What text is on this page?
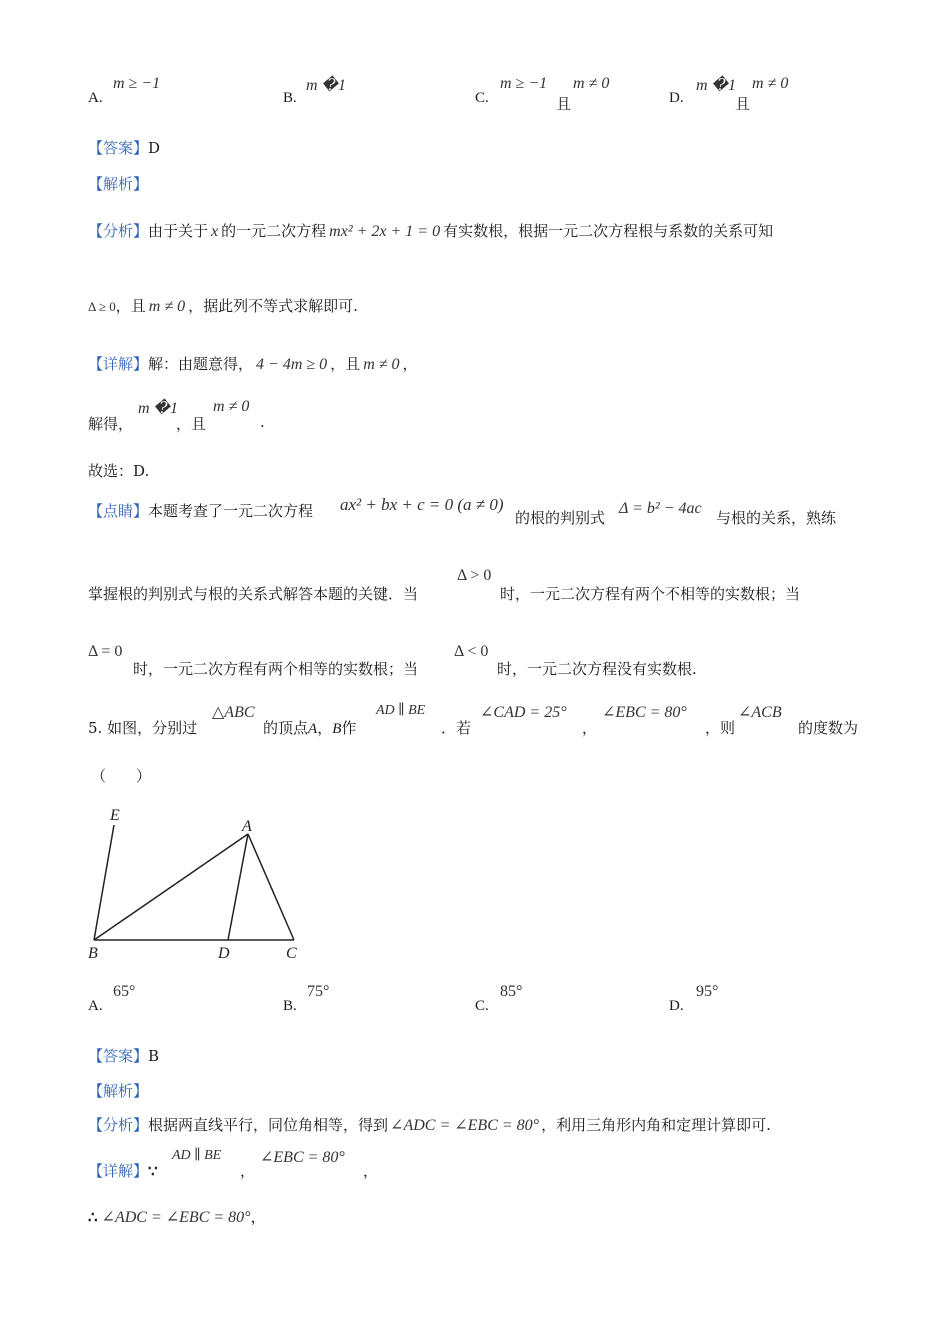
A.
m ≥ −1
B.
m �1
C.
m ≥ −1
且
m ≠ 0
D.
m �1
且
m ≠ 0
【答案】D
【解析】
【分析】由于关于 x 的一元二次方程 mx² + 2x + 1 = 0 有实数根，根据一元二次方程根与系数的关系可知
Δ ≥ 0，且 m ≠ 0 ，据此列不等式求解即可.
【详解】解：由题意得， 4 − 4m ≥ 0 ，且 m ≠ 0 ，
解得，
m �1
，且
m ≠ 0
.
故选：D.
【点睛】本题考查了一元二次方程 ax² + bx + c = 0 (a ≠ 0)
的根的判别式
Δ = b² − 4ac
与根的关系，熟练
掌握根的判别式与根的关系式解答本题的关键．当
Δ > 0
时，一元二次方程有两个不相等的实数根；当
Δ = 0
时，一元二次方程有两个相等的实数根；当
Δ < 0
时，一元二次方程没有实数根.
5. 如图，分别过
△ABC
的顶点A，B作
AD ∥ BE
．若
∠CAD = 25°
，
∠EBC = 80°
，则
∠ACB
的度数为
（　　）
E
A
B	D	C
A.
65°
B.
75°
C.
85°
D.
95°
【答案】B
【解析】
【分析】根据两直线平行，同位角相等，得到 ∠ADC = ∠EBC = 80° ，利用三角形内角和定理计算即可.
【详解】∵
AD ∥ BE
，
∠EBC = 80°
，
∴ ∠ADC = ∠EBC = 80°，
